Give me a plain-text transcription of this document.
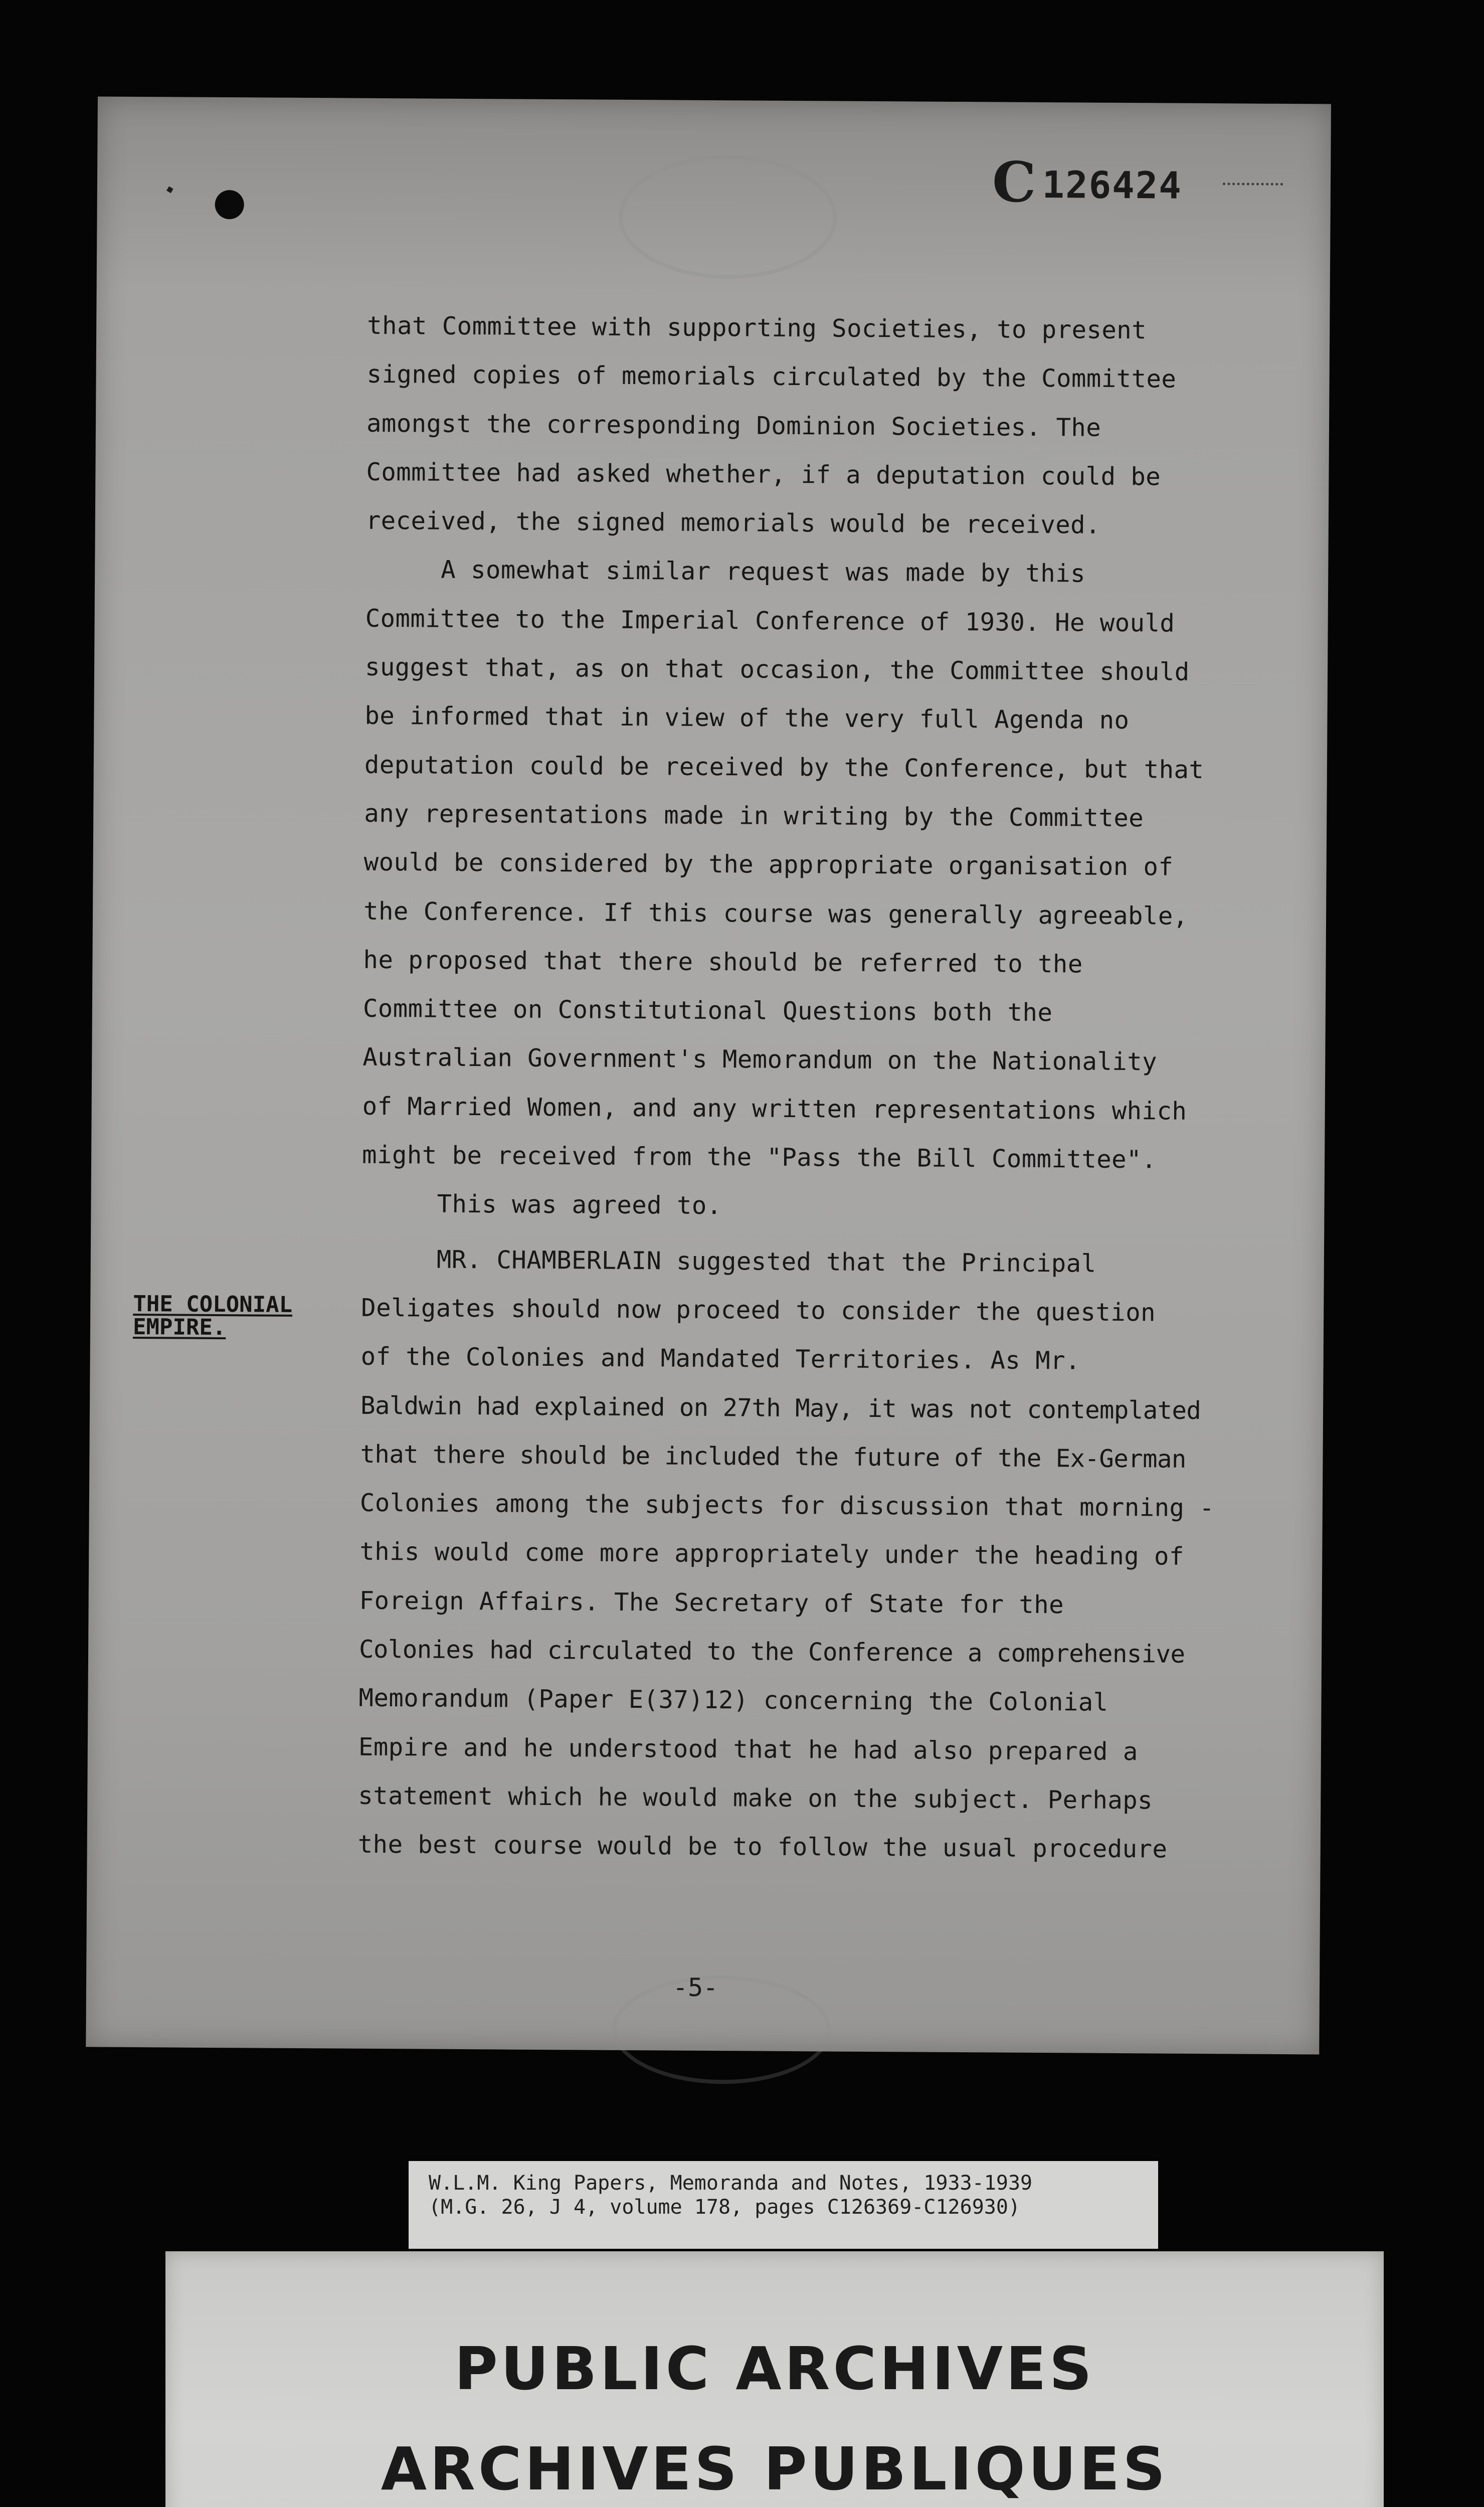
C 126424
THE COLONIAL
EMPIRE.
that Committee with supporting Societies, to present
signed copies of memorials circulated by the Committee
amongst the corresponding Dominion Societies. The
Committee had asked whether, if a deputation could be
received, the signed memorials would be received.
A somewhat similar request was made by this
Committee to the Imperial Conference of 1930. He would
suggest that, as on that occasion, the Committee should
be informed that in view of the very full Agenda no
deputation could be received by the Conference, but that
any representations made in writing by the Committee
would be considered by the appropriate organisation of
the Conference. If this course was generally agreeable,
he proposed that there should be referred to the
Committee on Constitutional Questions both the
Australian Government's Memorandum on the Nationality
of Married Women, and any written representations which
might be received from the "Pass the Bill Committee".
This was agreed to.
MR. CHAMBERLAIN suggested that the Principal
Deligates should now proceed to consider the question
of the Colonies and Mandated Territories. As Mr.
Baldwin had explained on 27th May, it was not contemplated
that there should be included the future of the Ex-German
Colonies among the subjects for discussion that morning -
this would come more appropriately under the heading of
Foreign Affairs. The Secretary of State for the
Colonies had circulated to the Conference a comprehensive
Memorandum (Paper E(37)12) concerning the Colonial
Empire and he understood that he had also prepared a
statement which he would make on the subject. Perhaps
the best course would be to follow the usual procedure
-5-
W.L.M. King Papers, Memoranda and Notes, 1933-1939
(M.G. 26, J 4, volume 178, pages C126369-C126930)
PUBLIC ARCHIVES
ARCHIVES PUBLIQUES
